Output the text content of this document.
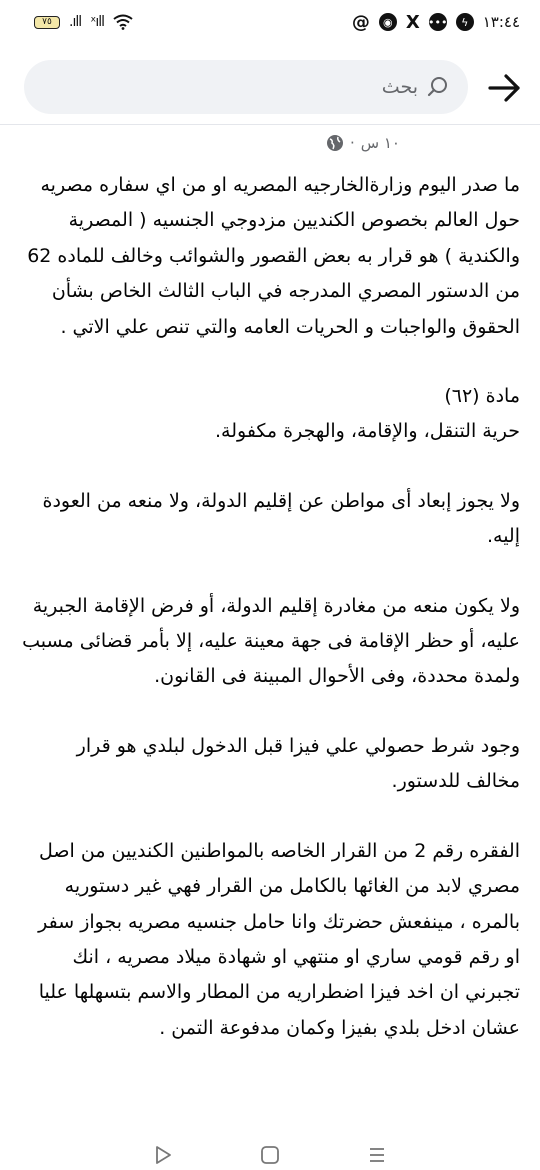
٧٥ .ıll ˣıll	@	◉ X •••	ϟ ١٣:٤٤
بحث
١٠ س
·

ما صدر اليوم وزارةالخارجيه المصريه او من اي سفاره مصريه حول العالم بخصوص الكنديين مزدوجي الجنسيه ( المصرية والكندية ) هو قرار به بعض القصور والشوائب وخالف للماده 62 من الدستور المصري المدرجه في الباب الثالث الخاص بشأن الحقوق والواجبات و الحريات العامه والتي تنص علي الاتي .

مادة (٦٢)
حرية التنقل، والإقامة، والهجرة مكفولة.

ولا يجوز إبعاد أى مواطن عن إقليم الدولة، ولا منعه من العودة إليه.

ولا يكون منعه من مغادرة إقليم الدولة، أو فرض الإقامة الجبرية عليه، أو حظر الإقامة فى جهة معينة عليه، إلا بأمر قضائى مسبب ولمدة محددة، وفى الأحوال المبينة فى القانون.

وجود شرط حصولي علي فيزا قبل الدخول لبلدي هو قرار مخالف للدستور.

الفقره رقم 2 من القرار الخاصه بالمواطنين الكنديين من اصل مصري لابد من الغائها بالكامل من القرار فهي غير دستوريه بالمره ، مينفعش حضرتك وانا حامل جنسيه مصريه بجواز سفر او رقم قومي ساري او منتهي او شهادة ميلاد مصريه ، انك تجبرني ان اخد فيزا اضطراريه من المطار والاسم بتسهلها عليا عشان ادخل بلدي بفيزا وكمان مدفوعة التمن .
